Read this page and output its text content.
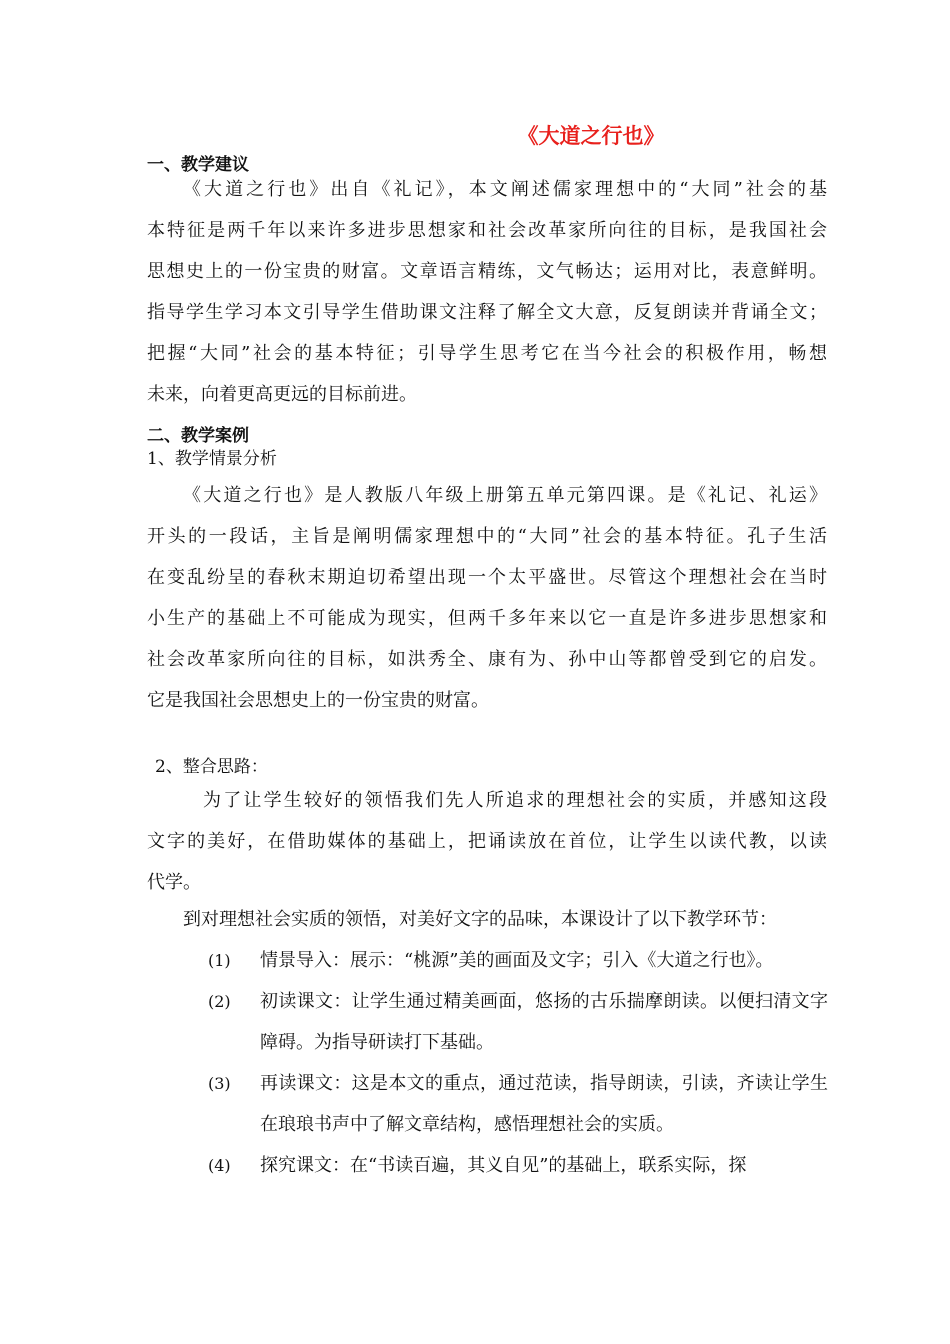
《大道之行也》
一、教学建议
《大道之行也》出自《礼记》，本文阐述儒家理想中的“大同”社会的基
本特征是两千年以来许多进步思想家和社会改革家所向往的目标，是我国社会
思想史上的一份宝贵的财富。文章语言精练，文气畅达；运用对比，表意鲜明。
指导学生学习本文引导学生借助课文注释了解全文大意，反复朗读并背诵全文；
把握“大同”社会的基本特征；引导学生思考它在当今社会的积极作用，畅想
未来，向着更高更远的目标前进。
二、教学案例
1、教学情景分析
《大道之行也》是人教版八年级上册第五单元第四课。是《礼记、礼运》
开头的一段话，主旨是阐明儒家理想中的“大同”社会的基本特征。孔子生活
在变乱纷呈的春秋末期迫切希望出现一个太平盛世。尽管这个理想社会在当时
小生产的基础上不可能成为现实，但两千多年来以它一直是许多进步思想家和
社会改革家所向往的目标，如洪秀全、康有为、孙中山等都曾受到它的启发。
它是我国社会思想史上的一份宝贵的财富。
2、整合思路：
为了让学生较好的领悟我们先人所追求的理想社会的实质，并感知这段
文字的美好，在借助媒体的基础上，把诵读放在首位，让学生以读代教，以读
代学。
到对理想社会实质的领悟，对美好文字的品味，本课设计了以下教学环节：
(1) 情景导入：展示：“桃源”美的画面及文字；引入《大道之行也》。
(2) 初读课文：让学生通过精美画面，悠扬的古乐揣摩朗读。以便扫清文字障碍。为指导研读打下基础。
(3) 再读课文：这是本文的重点，通过范读，指导朗读，引读，齐读让学生在琅琅书声中了解文章结构，感悟理想社会的实质。
(4) 探究课文：在“书读百遍，其义自见”的基础上，联系实际，探
